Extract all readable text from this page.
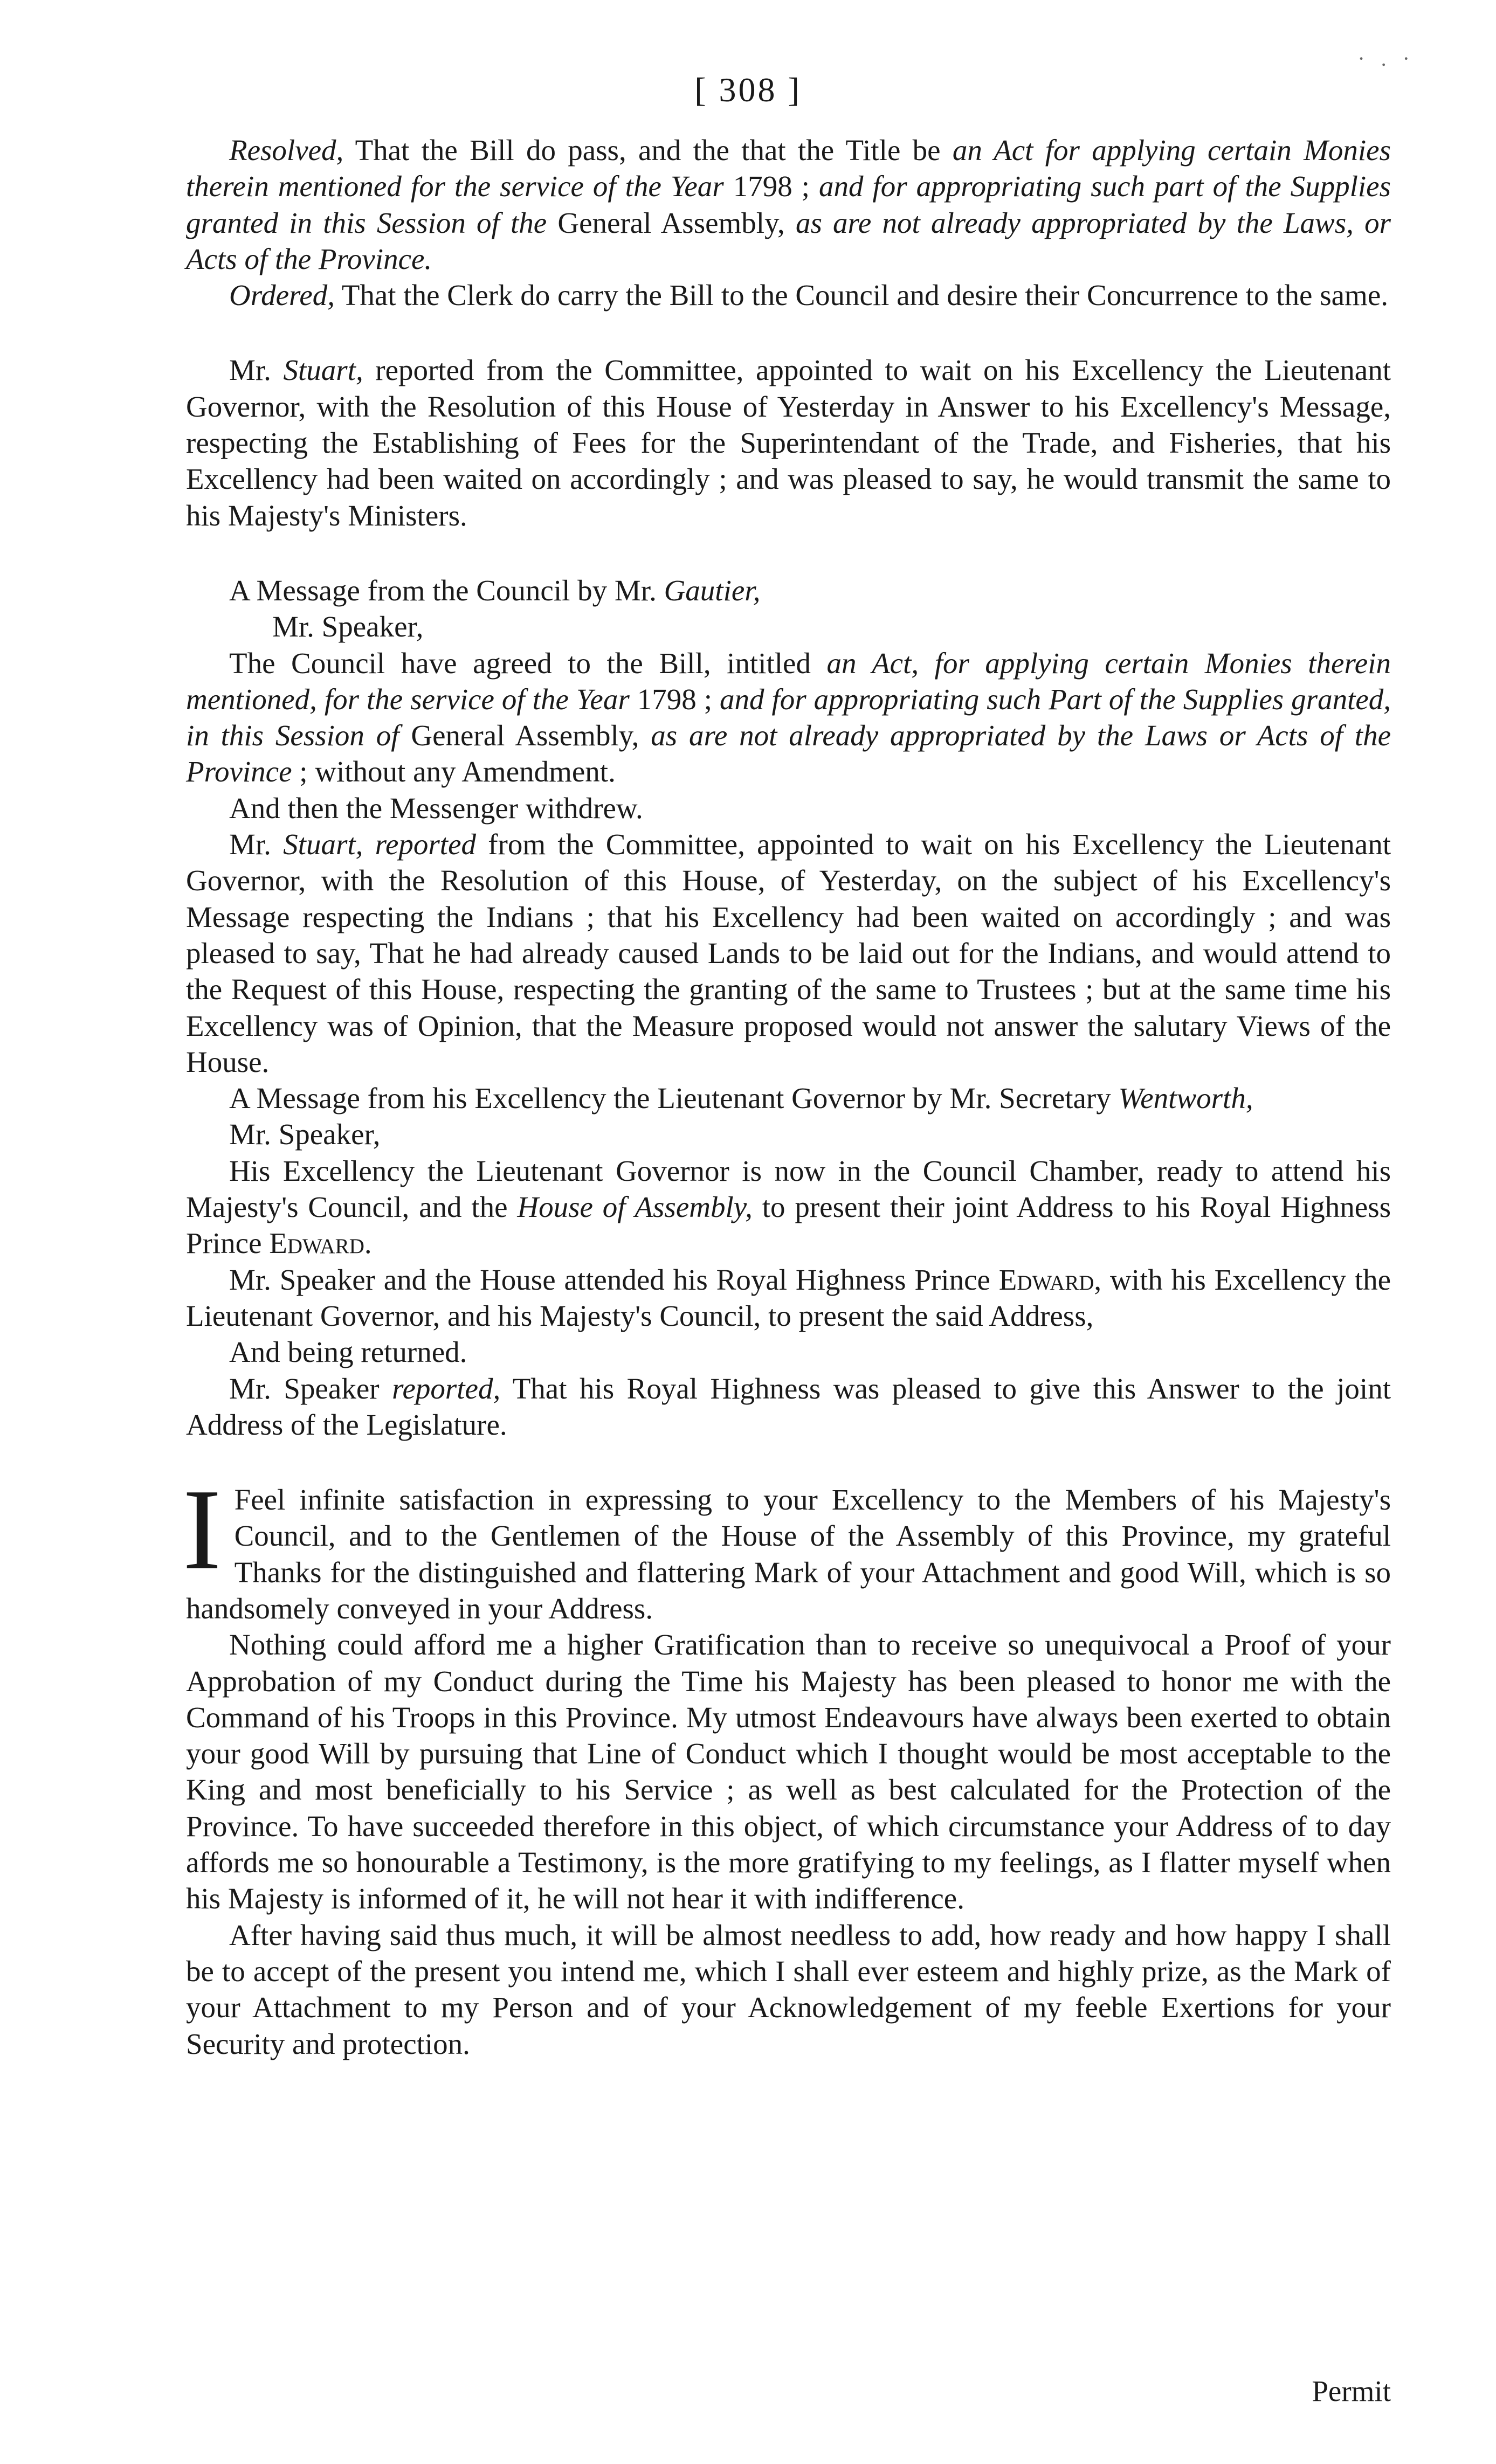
[ 308 ]
· . ·

Resolved, That the Bill do pass, and the that the Title be an Act for applying certain Monies therein mentioned for the service of the Year 1798 ; and for appropriating such part of the Supplies granted in this Session of the General Assembly, as are not already appropriated by the Laws, or Acts of the Province.

Ordered, That the Clerk do carry the Bill to the Council and desire their Concurrence to the same.

Mr. Stuart, reported from the Committee, appointed to wait on his Excellency the Lieutenant Governor, with the Resolution of this House of Yesterday in Answer to his Excellency's Message, respecting the Establishing of Fees for the Superintendant of the Trade, and Fisheries, that his Excellency had been waited on accordingly ; and was pleased to say, he would transmit the same to his Majesty's Ministers.

A Message from the Council by Mr. Gautier,

Mr. Speaker,

The Council have agreed to the Bill, intitled an Act, for applying certain Monies therein mentioned, for the service of the Year 1798 ; and for appropriating such Part of the Supplies granted, in this Session of General Assembly, as are not already appropriated by the Laws or Acts of the Province ; without any Amendment.

And then the Messenger withdrew.

Mr. Stuart, reported from the Committee, appointed to wait on his Excellency the Lieutenant Governor, with the Resolution of this House, of Yesterday, on the subject of his Excellency's Message respecting the Indians ; that his Excellency had been waited on accordingly ; and was pleased to say, That he had already caused Lands to be laid out for the Indians, and would attend to the Request of this House, respecting the granting of the same to Trustees ; but at the same time his Excellency was of Opinion, that the Measure proposed would not answer the salutary Views of the House.

A Message from his Excellency the Lieutenant Governor by Mr. Secretary Wentworth,

Mr. Speaker,

His Excellency the Lieutenant Governor is now in the Council Chamber, ready to attend his Majesty's Council, and the House of Assembly, to present their joint Address to his Royal Highness Prince Edward.

Mr. Speaker and the House attended his Royal Highness Prince Edward, with his Excellency the Lieutenant Governor, and his Majesty's Council, to present the said Address,

And being returned.

Mr. Speaker reported, That his Royal Highness was pleased to give this Answer to the joint Address of the Legislature.

I Feel infinite satisfaction in expressing to your Excellency to the Members of his Majesty's Council, and to the Gentlemen of the House of the Assembly of this Province, my grateful Thanks for the distinguished and flattering Mark of your Attachment and good Will, which is so handsomely conveyed in your Address.

Nothing could afford me a higher Gratification than to receive so unequivocal a Proof of your Approbation of my Conduct during the Time his Majesty has been pleased to honor me with the Command of his Troops in this Province. My utmost Endeavours have always been exerted to obtain your good Will by pursuing that Line of Conduct which I thought would be most acceptable to the King and most beneficially to his Service ; as well as best calculated for the Protection of the Province. To have succeeded therefore in this object, of which circumstance your Address of to day affords me so honourable a Testimony, is the more gratifying to my feelings, as I flatter myself when his Majesty is informed of it, he will not hear it with indifference.

After having said thus much, it will be almost needless to add, how ready and how happy I shall be to accept of the present you intend me, which I shall ever esteem and highly prize, as the Mark of your Attachment to my Person and of your Acknowledgement of my feeble Exertions for your Security and protection.

Permit
